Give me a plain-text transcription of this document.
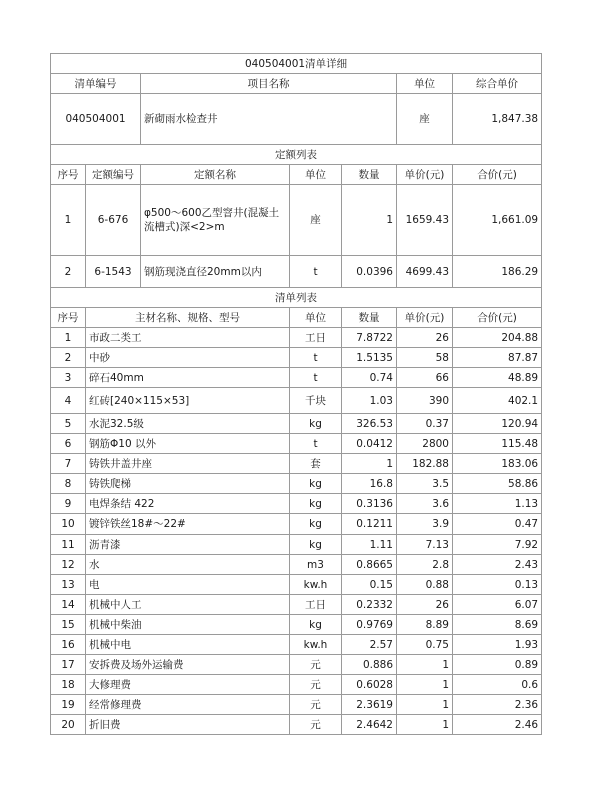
040504001清单详细						
清单编号		项目名称			单位	综合单价
040504001		新砌雨水检查井			座	1,847.38
定额列表						
序号	定额编号	定额名称	单位	数量	单价(元)	合价(元)
1	6-676	φ500～600乙型窨井(混凝土流槽式)深<2>m	座	1	1659.43	1,661.09
2	6-1543	钢筋现浇直径20mm以内	t	0.0396	4699.43	186.29
清单列表						
序号	主材名称、规格、型号		单位	数量	单价(元)	合价(元)
1	市政二类工		工日	7.8722	26	204.88
2	中砂		t	1.5135	58	87.87
3	碎石40mm		t	0.74	66	48.89
4	红砖[240×115×53]		千块	1.03	390	402.1
5	水泥32.5级		kg	326.53	0.37	120.94
6	钢筋Φ10 以外		t	0.0412	2800	115.48
7	铸铁井盖井座		套	1	182.88	183.06
8	铸铁爬梯		kg	16.8	3.5	58.86
9	电焊条结 422		kg	0.3136	3.6	1.13
10	镀锌铁丝18#～22#		kg	0.1211	3.9	0.47
11	沥青漆		kg	1.11	7.13	7.92
12	水		m3	0.8665	2.8	2.43
13	电		kw.h	0.15	0.88	0.13
14	机械中人工		工日	0.2332	26	6.07
15	机械中柴油		kg	0.9769	8.89	8.69
16	机械中电		kw.h	2.57	0.75	1.93
17	安拆费及场外运输费		元	0.886	1	0.89
18	大修理费		元	0.6028	1	0.6
19	经常修理费		元	2.3619	1	2.36
20	折旧费		元	2.4642	1	2.46
